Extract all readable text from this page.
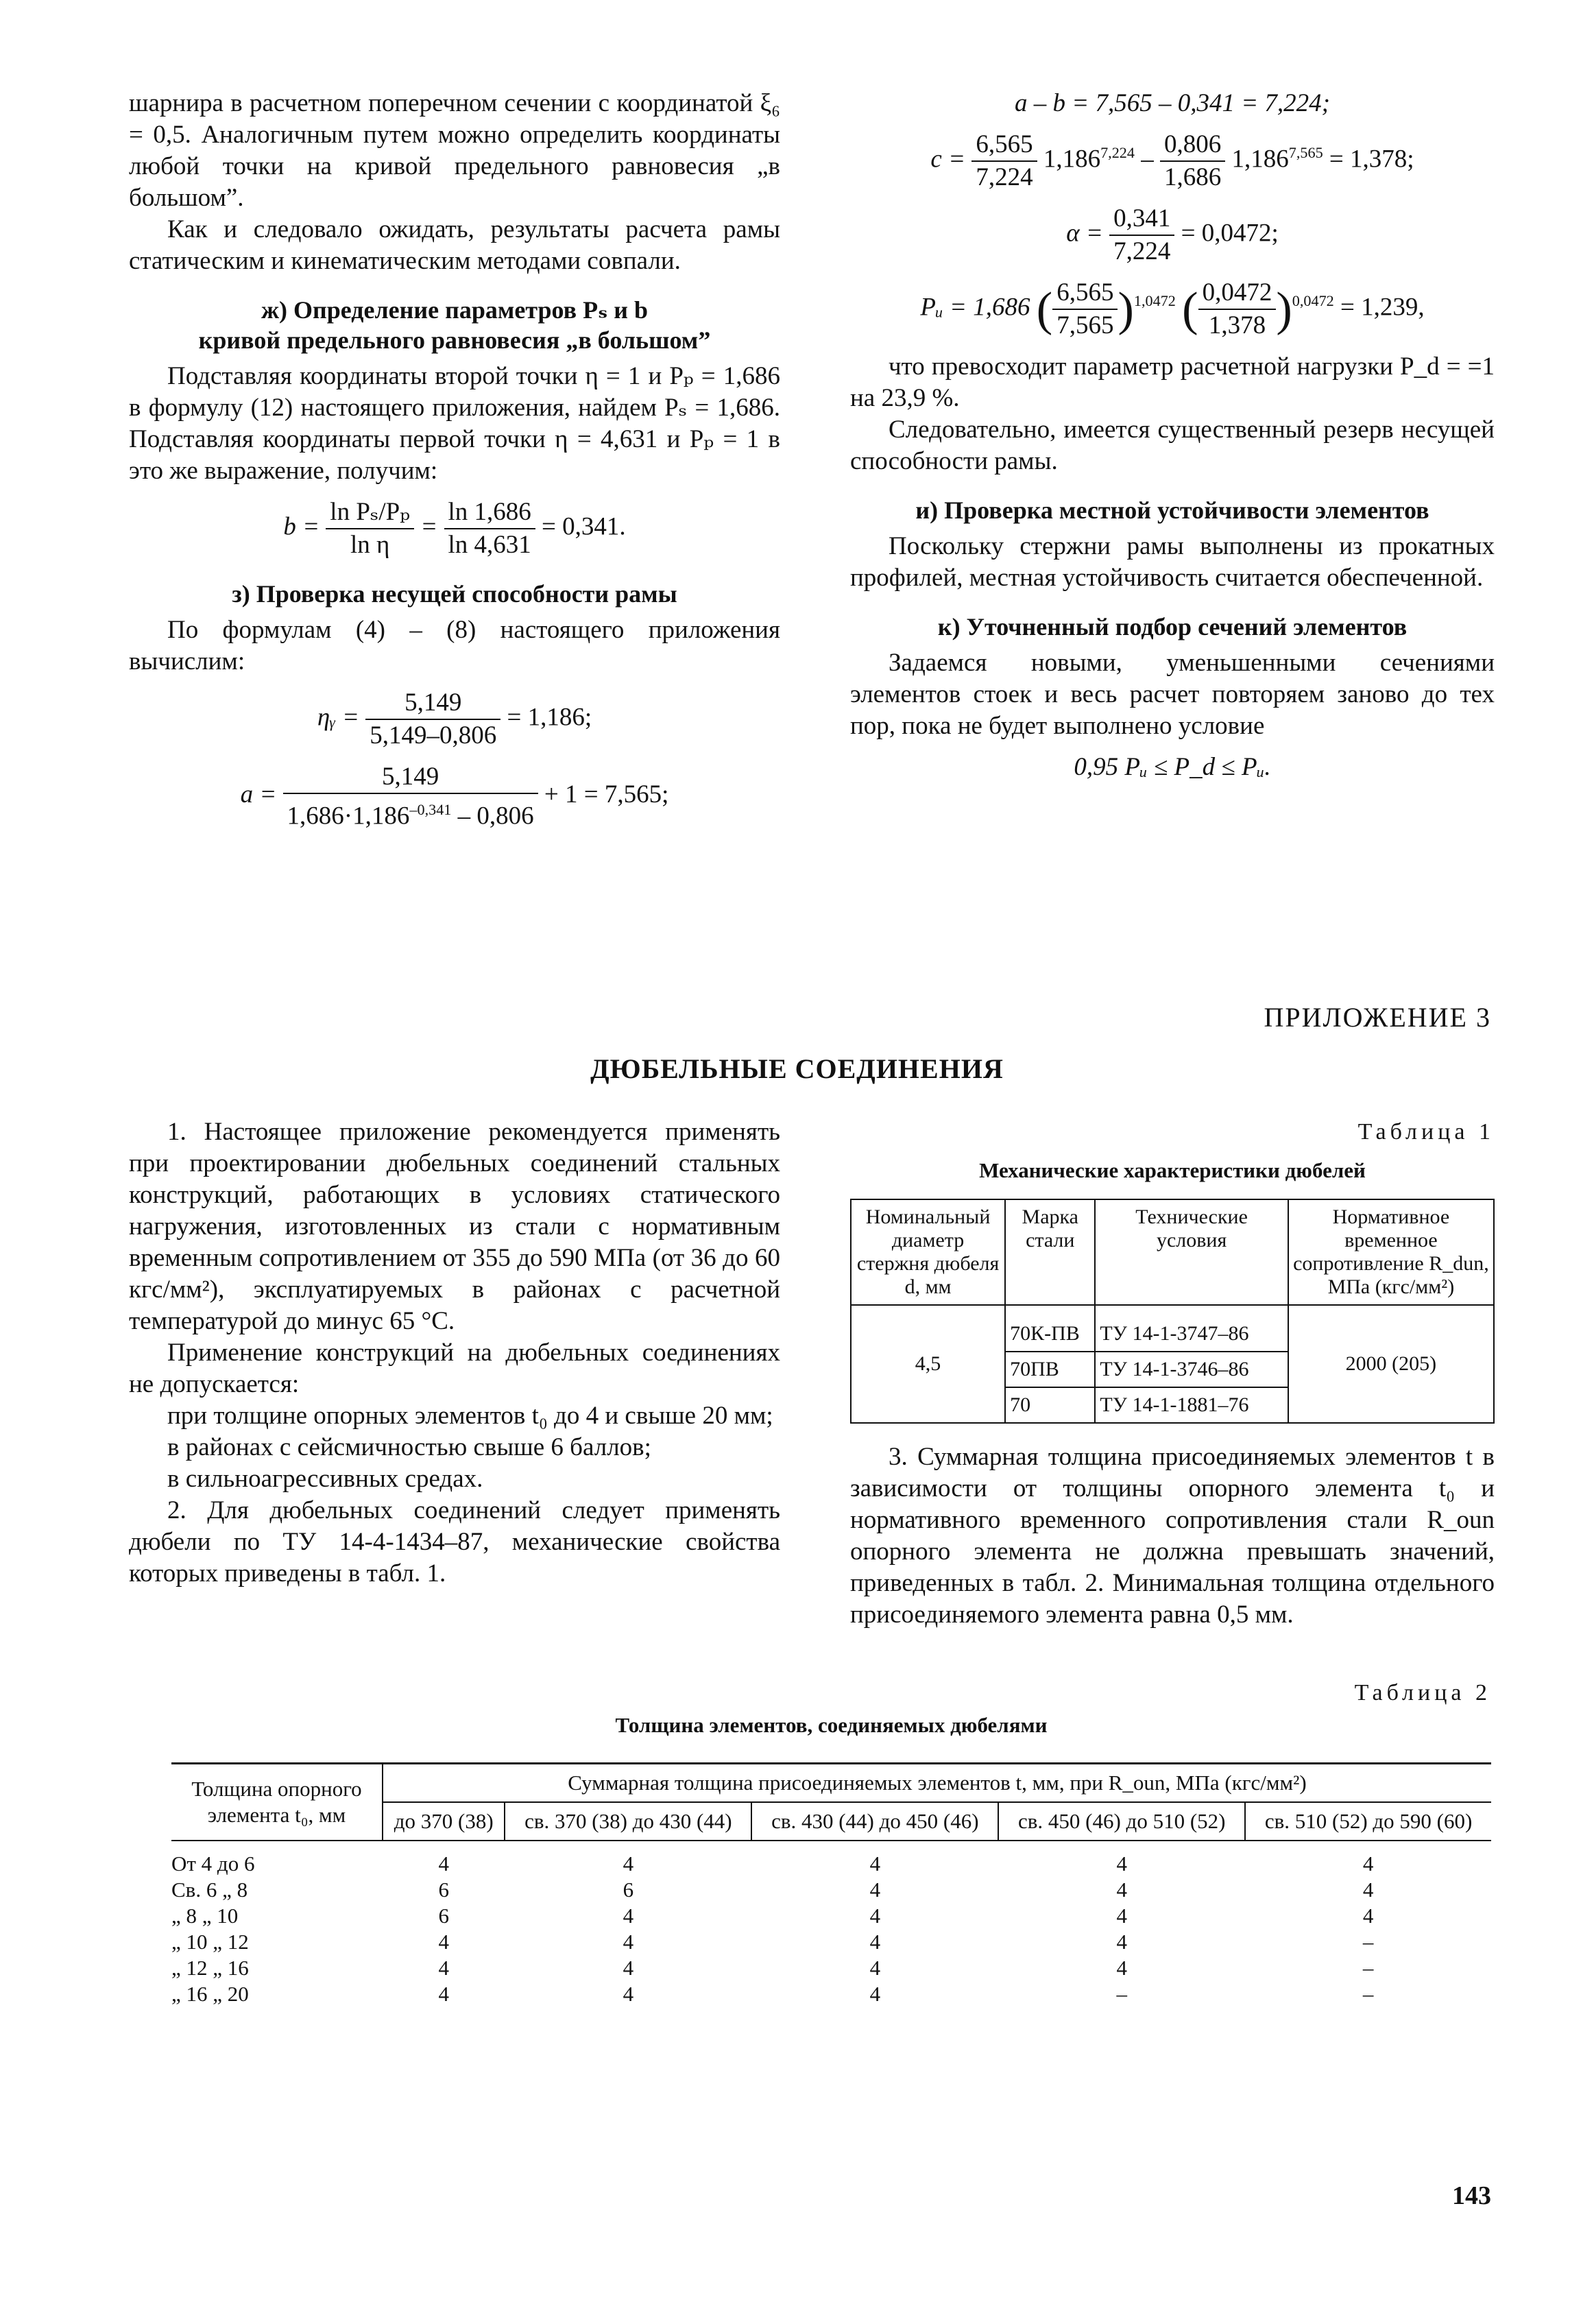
шарнира в расчетном поперечном сечении с координатой ξ₆ = 0,5. Аналогичным путем можно определить координаты любой точки на кривой предельного равновесия „в большом”.

Как и следовало ожидать, результаты расчета рамы статическим и кинематическим методами совпали.

ж) Определение параметров Pₛ и b
кривой предельного равновесия „в большом”

Подставляя координаты второй точки η = 1 и Pₚ = 1,686 в формулу (12) настоящего приложения, найдем Pₛ = 1,686. Подставляя координаты первой точки η = 4,631 и Pₚ = 1 в это же выражение, получим:

$b = \frac{\text{ln Pₛ/Pₚ}}{\text{ln η}} = \frac{\ln 1,686}{\ln 4,631} = 0,341$.
з) Проверка несущей способности рамы

По формулам (4) – (8) настоящего приложения вычислим:

ηᵧ = $\frac{5,149}{5,149-0,806} = 1,186$;
$a = \frac{5,149}{1,686\cdot 1,186^{-0,341} - 0,806} + 1 = 7,565$;
a – b = 7,565 – 0,341 = 7,224;
$c = \frac{6,565}{7,224} 1,186^{7,224} - \frac{0,806}{1,686} 1,186^{7,565} = 1,378$;
$\alpha = \frac{0,341}{7,224} = 0,0472$;
Pᵤ = 1,686 ( $\frac{6,565}{7,565} )^{1,0472}$ ( $\frac{0,0472}{1,378} )^{0,0472} = 1,239$,

что превосходит параметр расчетной нагрузки P_d = =1 на 23,9 %.

Следовательно, имеется существенный резерв несущей способности рамы.

и) Проверка местной устойчивости элементов

Поскольку стержни рамы выполнены из прокатных профилей, местная устойчивость считается обеспеченной.

к) Уточненный подбор сечений элементов

Задаемся новыми, уменьшенными сечениями элементов стоек и весь расчет повторяем заново до тех пор, пока не будет выполнено условие

0,95 Pᵤ ≤ P_d ≤ Pᵤ.
ПРИЛОЖЕНИЕ 3
ДЮБЕЛЬНЫЕ СОЕДИНЕНИЯ

1. Настоящее приложение рекомендуется применять при проектировании дюбельных соединений стальных конструкций, работающих в условиях статического нагружения, изготовленных из стали с нормативным временным сопротивлением от 355 до 590 МПа (от 36 до 60 кгс/мм²), эксплуатируемых в районах с расчетной температурой до минус 65 °С.

Применение конструкций на дюбельных соединениях не допускается:

при толщине опорных элементов t₀ до 4 и свыше 20 мм;

в районах с сейсмичностью свыше 6 баллов;

в сильноагрессивных средах.

2. Для дюбельных соединений следует применять дюбели по ТУ 14-4-1434–87, механические свойства которых приведены в табл. 1.

Таблица 1
Механические характеристики дюбелей
Номинальный диаметр стержня дюбеля d, мм	Марка стали	Технические условия	Нормативное временное сопротивление R_dun, МПа (кгс/мм²)
4,5	70К-ПВ	ТУ 14-1-3747–86	2000 (205)
	70ПВ	ТУ 14-1-3746–86	
	70	ТУ 14-1-1881–76	

3. Суммарная толщина присоединяемых элементов t в зависимости от толщины опорного элемента t₀ и нормативного временного сопротивления стали R_oun опорного элемента не должна превышать значений, приведенных в табл. 2. Минимальная толщина отдельного присоединяемого элемента равна 0,5 мм.

Таблица 2
Толщина элементов, соединяемых дюбелями
Толщина опорного элемента t₀, мм	Суммарная толщина присоединяемых элементов t, мм, при R_oun, МПа (кгс/мм²)				
	до 370 (38)	св. 370 (38) до 430 (44)	св. 430 (44) до 450 (46)	св. 450 (46) до 510 (52)	св. 510 (52) до 590 (60)
От 4 до 6	4	4	4	4	4
Св. 6 „ 8	6	6	4	4	4
„ 8 „ 10	6	4	4	4	4
„ 10 „ 12	4	4	4	4	–
„ 12 „ 16	4	4	4	4	–
„ 16 „ 20	4	4	4	–	–
143
